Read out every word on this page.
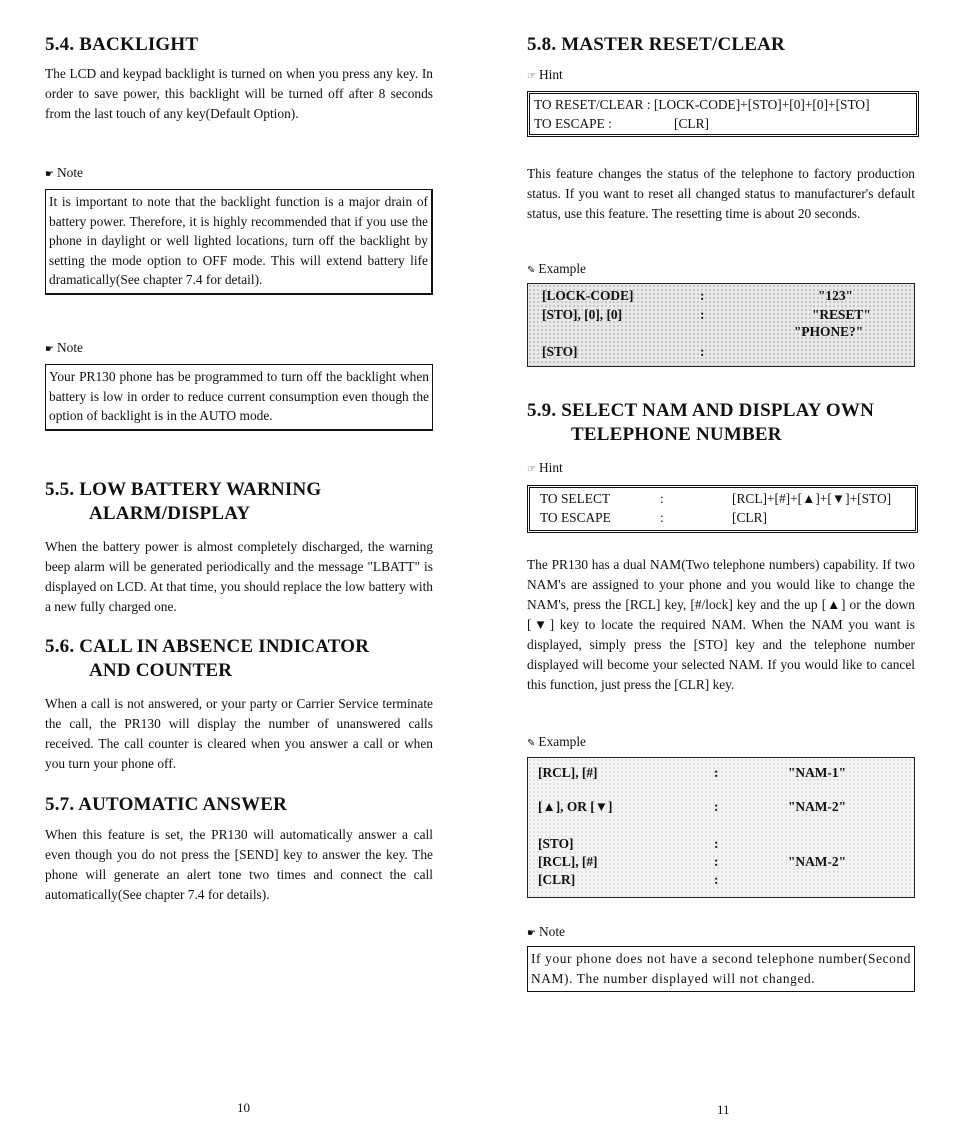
5.4. BACKLIGHT

The LCD and keypad backlight is turned on when you press any key. In order to save power, this backlight will be turned off after 8 seconds from the last touch of any key(Default Option).

☛ Note
It is important to note that the backlight function is a major drain of battery power. Therefore, it is highly recommended that if you use the phone in daylight or well lighted locations, turn off the backlight by setting the mode option to OFF mode. This will extend battery life dramatically(See chapter 7.4 for detail).
☛ Note
Your PR130 phone has be programmed to turn off the backlight when battery is low in order to reduce current consumption even though the option of backlight is in the AUTO mode.
5.5. LOW BATTERY WARNING
ALARM/DISPLAY

When the battery power is almost completely discharged, the warning beep alarm will be generated periodically and the message "LBATT" is displayed on LCD. At that time, you should replace the low battery with a new fully charged one.

5.6. CALL IN ABSENCE INDICATOR
AND COUNTER

When a call is not answered, or your party or Carrier Service terminate the call, the PR130 will display the number of unanswered calls received. The call counter is cleared when you answer a call or when you turn your phone off.

5.7. AUTOMATIC ANSWER

When this feature is set, the PR130 will automatically answer a call even though you do not press the [SEND] key to answer the key. The phone will generate an alert tone two times and connect the call automatically(See chapter 7.4 for details).

10
5.8. MASTER RESET/CLEAR
☞ Hint
TO RESET/CLEAR : [LOCK-CODE]+[STO]+[0]+[0]+[STO]
TO ESCAPE :	[CLR]

This feature changes the status of the telephone to factory production status. If you want to reset all changed status to manufacturer's default status, use this feature. The resetting time is about 20 seconds.

✎ Example
[LOCK-CODE]	:	"123"
[STO], [0], [0]	:	"RESET"
"PHONE?"
[STO]	:
5.9. SELECT NAM AND DISPLAY OWN
TELEPHONE NUMBER
☞ Hint
TO SELECT	:	[RCL]+[#]+[▲]+[▼]+[STO]
TO ESCAPE	:	[CLR]

The PR130 has a dual NAM(Two telephone numbers) capability. If two NAM's are assigned to your phone and you would like to change the NAM's, press the [RCL] key, [#/lock] key and the up [▲] or the down [▼] key to locate the required NAM. When the NAM you want is displayed, simply press the [STO] key and the telephone number displayed will become your selected NAM. If you would like to cancel this function, just press the [CLR] key.

✎ Example
[RCL], [#]	:	"NAM-1"
[▲], OR [▼]	:	"NAM-2"
[STO]	:
[RCL], [#]	:	"NAM-2"
[CLR]	:
☛ Note
If your phone does not have a second telephone number(Second NAM). The number displayed will not changed.
11
